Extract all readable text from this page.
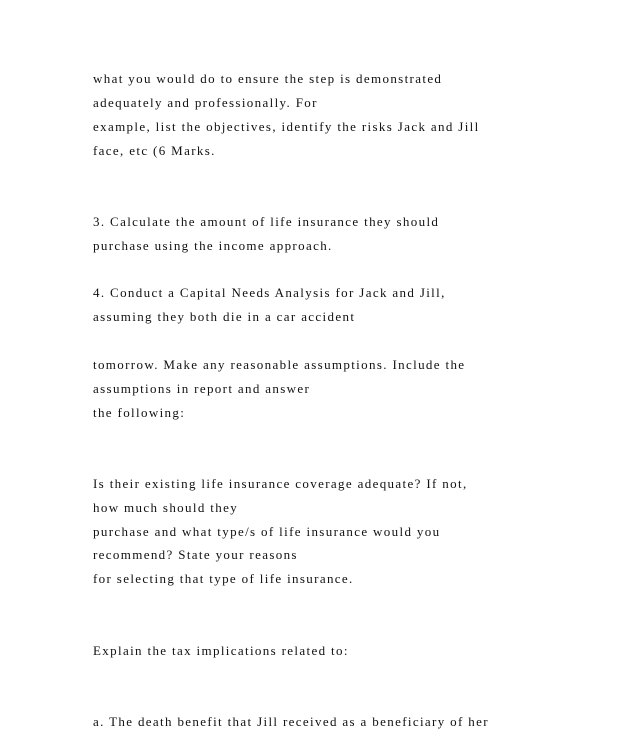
what you would do to ensure the step is demonstrated

adequately and professionally. For

example, list the objectives, identify the risks Jack and Jill

face, etc (6 Marks.

3. Calculate the amount of life insurance they should

purchase using the income approach.

4. Conduct a Capital Needs Analysis for Jack and Jill,

assuming they both die in a car accident

tomorrow. Make any reasonable assumptions. Include the

assumptions in report and answer

the following:

Is their existing life insurance coverage adequate? If not,

how much should they

purchase and what type/s of life insurance would you

recommend? State your reasons

for selecting that type of life insurance.

Explain the tax implications related to:

a. The death benefit that Jill received as a beneficiary of her
